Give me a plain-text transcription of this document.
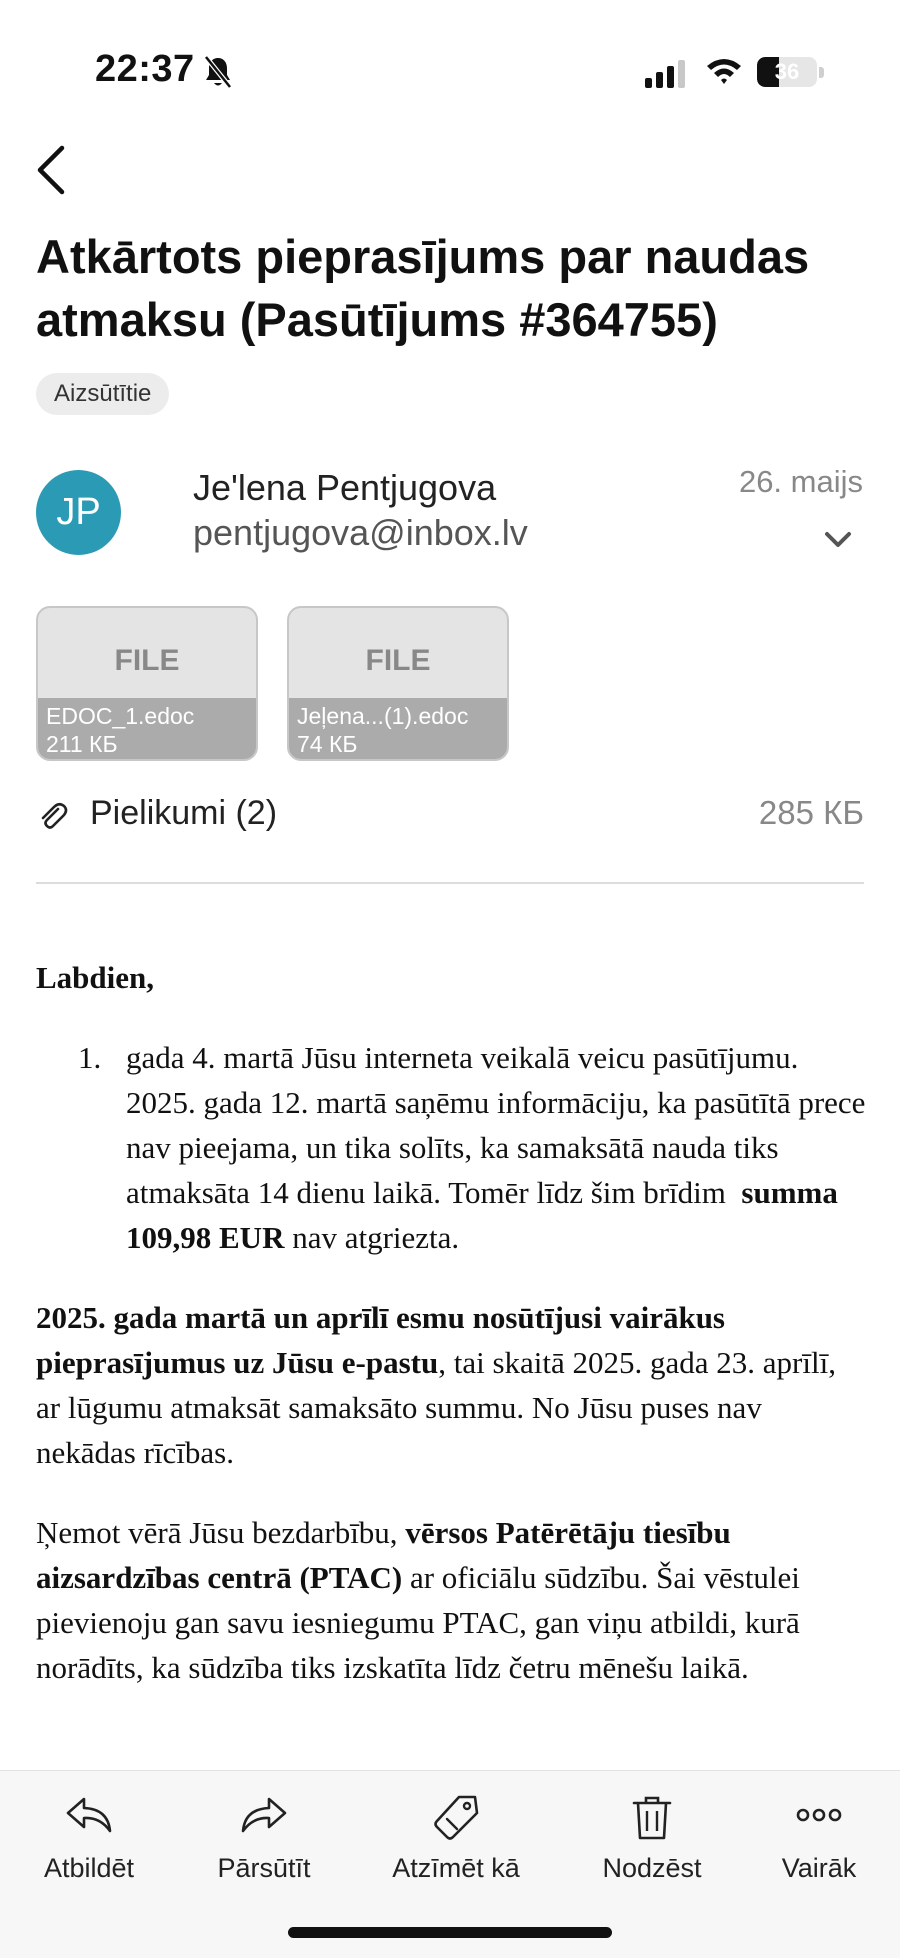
22:37	36
Atkārtots pieprasījums par naudas atmaksu (Pasūtījums #364755)
Aizsūtītie
JP
Je'lena Pentjugova
pentjugova@inbox.lv
26. maijs
FILE
EDOC_1.edoc
211 КБ
FILE
Jeļena...(1).edoc
74 КБ
Pielikumi (2)	285 КБ

Labdien,

1. gada 4. martā Jūsu interneta veikalā veicu pasūtījumu. 2025. gada 12. martā saņēmu informāciju, ka pasūtītā prece nav pieejama, un tika solīts, ka samaksātā nauda tiks atmaksāta 14 dienu laikā. Tomēr līdz šim brīdim summa 109,98 EUR nav atgriezta.

2025. gada martā un aprīlī esmu nosūtījusi vairākus pieprasījumus uz Jūsu e-pastu, tai skaitā 2025. gada 23. aprīlī, ar lūgumu atmaksāt samaksāto summu. No Jūsu puses nav nekādas rīcības.

Ņemot vērā Jūsu bezdarbību, vērsos Patērētāju tiesību aizsardzības centrā (PTAC) ar oficiālu sūdzību. Šai vēstulei pievienoju gan savu iesniegumu PTAC, gan viņu atbildi, kurā norādīts, ka sūdzība tiks izskatīta līdz četru mēnešu laikā.

Atbildēt	Pārsūtīt	Atzīmēt kā	Nodzēst	Vairāk
